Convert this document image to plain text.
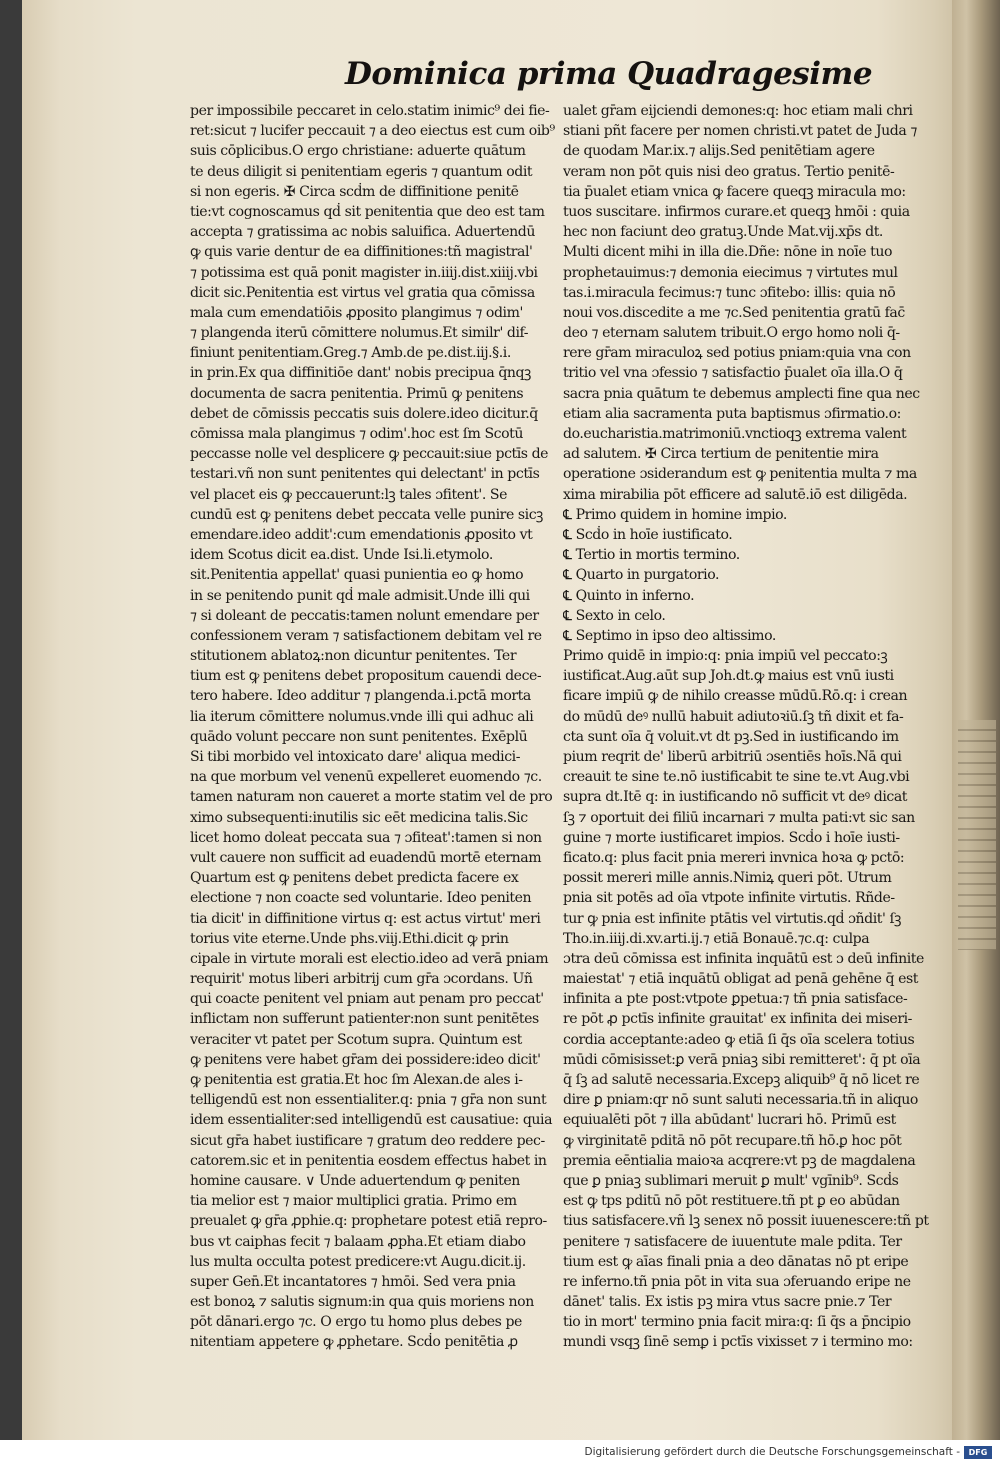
Dominica prima Quadragesime
per impossibile peccaret in celo.statim inimic⁹ dei fie-
ret:sicut ⁊ lucifer peccauit ⁊ a deo eiectus est cum oib⁹
suis cōplicibus.O ergo christiane: aduerte quātum
te deus diligit si penitentiam egeris ⁊ quantum odit
si non egeris. ✠ Circa scḋm de diffinitione penitē
tie:vt cognoscamus qḋ sit penitentia que deo est tam
accepta ⁊ gratissima ac nobis saluifica. Aduertendū
ꝙ quis varie dentur de ea diffinitiones:tñ magistral'
⁊ potissima est quā ponit magister in.iiij.dist.xiiij.vbi
dicit sic.Penitentia est virtus vel gratia qua cōmissa
mala cum emendatiōis ꝓposito plangimus ⁊ odim'
⁊ plangenda iterū cōmittere nolumus.Et similr' dif-
finiunt penitentiam.Greg.⁊ Amb.de pe.dist.iij.§.i.
in prin.Ex qua diffinitiōe dant' nobis precipua q̄nqꝫ
documenta de sacra penitentia. Primū ꝙ penitens
debet de cōmissis peccatis suis dolere.ideo dicitur.q̄
cōmissa mala plangimus ⁊ odim'.hoc est ſm Scotū
peccasse nolle vel desplicere ꝙ peccauit:siue pctīs de
testari.vñ non sunt penitentes qui delectant' in pctīs
vel placet eis ꝙ peccauerunt:lꝫ tales ɔfitent'. Se
cundū est ꝙ penitens debet peccata velle punire sicꝫ
emendare.ideo addit':cum emendationis ꝓposito vt
idem Scotus dicit ea.dist. Unde Isi.li.etymolo.
sit.Penitentia appellat' quasi punientia eo ꝙ homo
in se penitendo punit qḋ male admisit.Unde illi qui
⁊ si doleant de peccatis:tamen nolunt emendare per
confessionem veram ⁊ satisfactionem debitam vel re
stitutionem ablatoꝝ:non dicuntur penitentes. Ter
tium est ꝙ penitens debet propositum cauendi dece-
tero habere. Ideo additur ⁊ plangenda.i.pctā morta
lia iterum cōmittere nolumus.vnde illi qui adhuc ali
quādo volunt peccare non sunt penitentes. Exēplū
Si tibi morbido vel intoxicato dare' aliqua medici-
na que morbum vel venenū expelleret euomendo ⁊c.
tamen naturam non caueret a morte statim vel de pro
ximo subsequenti:inutilis sic eēt medicina talis.Sic
licet homo doleat peccata sua ⁊ ɔfiteat':tamen si non
vult cauere non sufficit ad euadendū mortē eternam
Quartum est ꝙ penitens debet predicta facere ex
electione ⁊ non coacte sed voluntarie. Ideo peniten
tia dicit' in diffinitione virtus q: est actus virtut' meri
torius vite eterne.Unde phs.viij.Ethi.dicit ꝙ prin
cipale in virtute morali est electio.ideo ad verā pniam
requirit' motus liberi arbitrij cum gr̄a ɔcordans. Uñ
qui coacte penitent vel pniam aut penam pro peccat'
inflictam non sufferunt patienter:non sunt penitētes
veraciter vt patet per Scotum supra. Quintum est
ꝙ penitens vere habet gr̄am dei possidere:ideo dicit'
ꝙ penitentia est gratia.Et hoc ſm Alexan.de ales i-
telligendū est non essentialiter.q: pnia ⁊ gr̄a non sunt
idem essentialiter:sed intelligendū est causatiue: quia
sicut gr̄a habet iustificare ⁊ gratum deo reddere pec-
catorem.sic et in penitentia eosdem effectus habet in
homine causare. ∨ Unde aduertendum ꝙ peniten
tia melior est ⁊ maior multiplici gratia. Primo em
preualet ꝙ gr̄a ꝓphie.q: prophetare potest etiā repro-
bus vt caiphas fecit ⁊ balaam ꝓpha.Et etiam diabo
lus multa occulta potest predicere:vt Augu.dicit.ij.
super Gen̄.Et incantatores ⁊ hmōi. Sed vera pnia
est bonoꝝ ⁊ salutis signum:in qua quis moriens non
pōt dānari.ergo ⁊c. O ergo tu homo plus debes pe
nitentiam appetere ꝙ ꝓphetare. Scḋo penitētia ꝓ
ualet gr̄am eijciendi demones:q: hoc etiam mali chri
stiani pñt facere per nomen christi.vt patet de Juda ⁊
de quodam Mar.ix.⁊ alijs.Sed penitētiam agere
veram non pōt quis nisi deo gratus. Tertio penitē-
tia p̄ualet etiam vnica ꝙ facere queqꝫ miracula mo:
tuos suscitare. infirmos curare.et queqꝫ hmōi : quia
hec non faciunt deo gratuꝫ.Unde Mat.vij.xp̄s dt.
Multi dicent mihi in illa die.Dñe: nōne in noīe tuo
prophetauimus:⁊ demonia eiecimus ⁊ virtutes mul
tas.i.miracula fecimus:⁊ tunc ɔfitebo: illis: quia nō
noui vos.discedite a me ⁊c.Sed penitentia gratū fac̄
deo ⁊ eternam salutem tribuit.O ergo homo noli q̄-
rere gr̄am miraculoꝝ sed potius pniam:quia vna con
tritio vel vna ɔfessio ⁊ satisfactio p̄ualet oīa illa.O q̄
sacra pnia quātum te debemus amplecti fine qua nec
etiam alia sacramenta puta baptismus ɔfirmatio.o:
do.eucharistia.matrimoniū.vnctioqꝫ extrema valent
ad salutem. ✠ Circa tertium de penitentie mira
operatione ɔsiderandum est ꝙ penitentia multa ⁊ ma
xima mirabilia pōt efficere ad salutē.iō est diligēda.
℄ Primo quidem in homine impio.
℄ Scḋo in hoīe iustificato.
℄ Tertio in mortis termino.
℄ Quarto in purgatorio.
℄ Quinto in inferno.
℄ Sexto in celo.
℄ Septimo in ipso deo altissimo.
Primo quidē in impio:q: pnia impiū vel peccato:ꝫ
iustificat.Aug.aūt sup Joh.dt.ꝙ maius est vnū iusti
ficare impiū ꝙ de nihilo creasse mūdū.Rō.q: i crean
do mūdū deꝰ nullū habuit adiutoꝛiū.ſꝫ tñ dixit et fa-
cta sunt oīa q̄ voluit.vt dt pꝫ.Sed in iustificando im
pium reqrit de' liberū arbitriū ɔsentiēs hoīs.Nā qui
creauit te sine te.nō iustificabit te sine te.vt Aug.vbi
supra dt.Itē q: in iustificando nō sufficit vt deꝰ dicat
ſꝫ ⁊ oportuit dei filiū incarnari ⁊ multa pati:vt sic san
guine ⁊ morte iustificaret impios. Scḋo i hoīe iusti-
ficato.q: plus facit pnia mereri invnica hoꝛa ꝙ pctō:
possit mereri mille annis.Nimiꝝ queri pōt. Utrum
pnia sit potēs ad oīa vtpote infinite virtutis. Rñde-
tur ꝙ pnia est infinite ptātis vel virtutis.qḋ ɔñdit' ſꝫ
Tho.in.iiij.di.xv.arti.ij.⁊ etiā Bonauē.⁊c.q: culpa
ɔtra deū cōmissa est infinita inquātū est ɔ deū infinite
maiestat' ⁊ etiā inquātū obligat ad penā gehēne q̄ est
infinita a pte post:vtpote ꝑpetua:⁊ tñ pnia satisface-
re pōt ꝓ pctīs infinite grauitat' ex infinita dei miseri-
cordia acceptante:adeo ꝙ etiā ſi q̄s oīa scelera totius
mūdi cōmisisset:ꝑ verā pniaꝫ sibi remitteret': q̄ pt oīa
q̄ ſꝫ ad salutē necessaria.Excepꝫ aliquib⁹ q̄ nō licet re
dire ꝑ pniam:qr nō sunt saluti necessaria.tñ in aliquo
equiualēti pōt ⁊ illa abūdant' lucrari hō. Primū est
ꝙ virginitatē pditā nō pōt recupare.tñ hō.ꝑ hoc pōt
premia eēntialia maioꝛa acqrere:vt pꝫ de magdalena
que ꝑ pniaꝫ sublimari meruit ꝑ mult' vgīnib⁹. Scḋs
est ꝙ tps pditū nō pōt restituere.tñ pt ꝑ eo abūdan
tius satisfacere.vñ lꝫ senex nō possit iuuenescere:tñ pt
penitere ⁊ satisfacere de iuuentute male pdita. Ter
tium est ꝙ aīas finali pnia a deo dānatas nō pt eripe
re inferno.tñ pnia pōt in vita sua ɔferuando eripe ne
dānet' talis. Ex istis pꝫ mira vtus sacre pnie.⁊ Ter
tio in mort' termino pnia facit mira:q: ſi q̄s a p̄ncipio
mundi vsqꝫ ſinē semꝑ i pctīs vixisset ⁊ i termino mo:
Digitalisierung gefördert durch die Deutsche Forschungsgemeinschaft -	DFG
